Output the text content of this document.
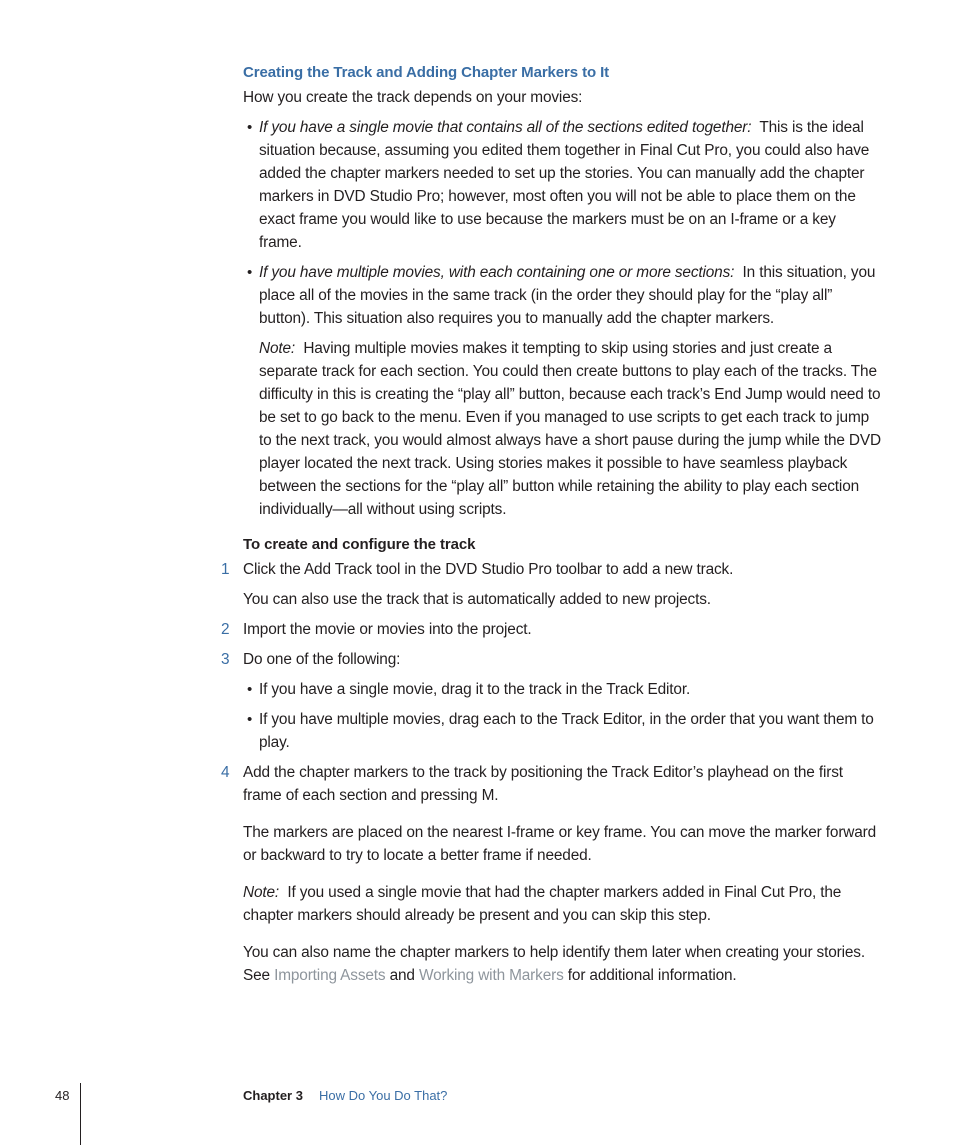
Creating the Track and Adding Chapter Markers to It
How you create the track depends on your movies:
• If you have a single movie that contains all of the sections edited together: This is the ideal situation because, assuming you edited them together in Final Cut Pro, you could also have added the chapter markers needed to set up the stories. You can manually add the chapter markers in DVD Studio Pro; however, most often you will not be able to place them on the exact frame you would like to use because the markers must be on an I-frame or a key frame.
• If you have multiple movies, with each containing one or more sections: In this situation, you place all of the movies in the same track (in the order they should play for the “play all” button). This situation also requires you to manually add the chapter markers.
Note: Having multiple movies makes it tempting to skip using stories and just create a separate track for each section. You could then create buttons to play each of the tracks. The difficulty in this is creating the “play all” button, because each track’s End Jump would need to be set to go back to the menu. Even if you managed to use scripts to get each track to jump to the next track, you would almost always have a short pause during the jump while the DVD player located the next track. Using stories makes it possible to have seamless playback between the sections for the “play all” button while retaining the ability to play each section individually—all without using scripts.
To create and configure the track
1 Click the Add Track tool in the DVD Studio Pro toolbar to add a new track.
You can also use the track that is automatically added to new projects.
2 Import the movie or movies into the project.
3 Do one of the following:
• If you have a single movie, drag it to the track in the Track Editor.
• If you have multiple movies, drag each to the Track Editor, in the order that you want them to play.
4 Add the chapter markers to the track by positioning the Track Editor’s playhead on the first frame of each section and pressing M.
The markers are placed on the nearest I-frame or key frame. You can move the marker forward or backward to try to locate a better frame if needed.
Note: If you used a single movie that had the chapter markers added in Final Cut Pro, the chapter markers should already be present and you can skip this step.
You can also name the chapter markers to help identify them later when creating your stories. See Importing Assets and Working with Markers for additional information.
48	Chapter 3 How Do You Do That?
